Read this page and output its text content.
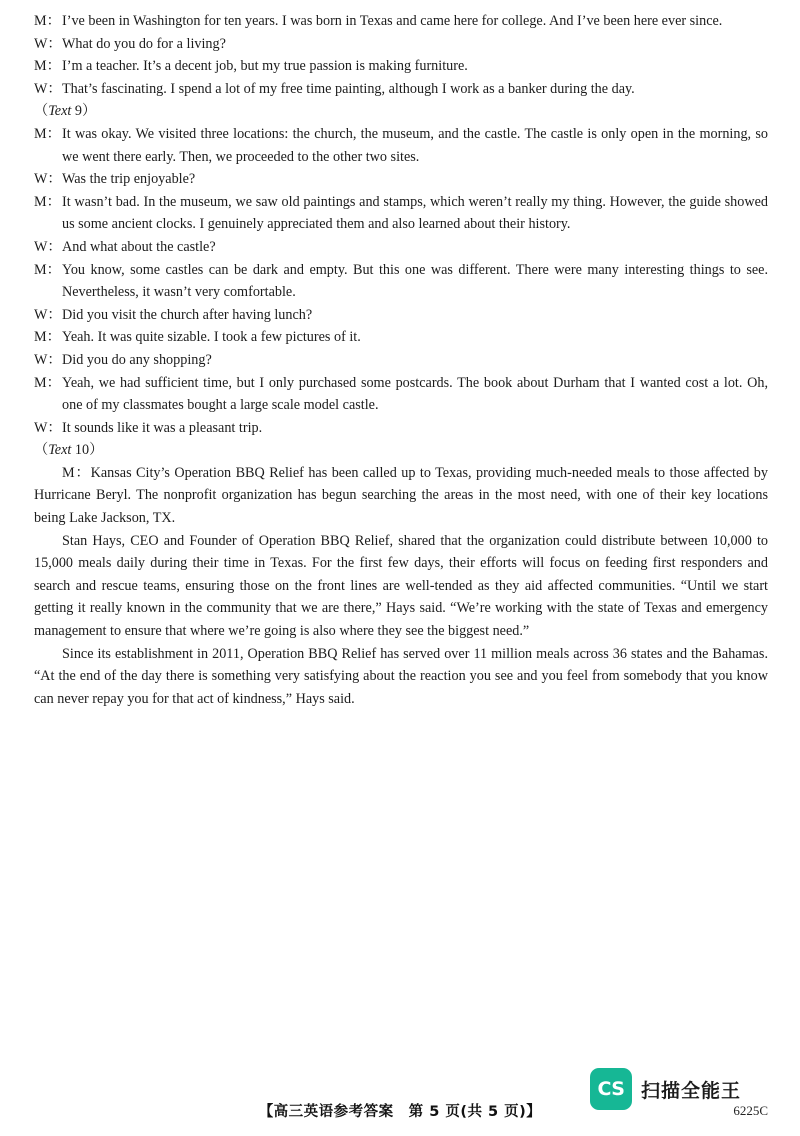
M： I’ve been in Washington for ten years. I was born in Texas and came here for college. And I’ve been here ever since.
W： What do you do for a living?
M： I’m a teacher. It’s a decent job, but my true passion is making furniture.
W： That’s fascinating. I spend a lot of my free time painting, although I work as a banker during the day.
（Text 9）
M： It was okay. We visited three locations: the church, the museum, and the castle. The castle is only open in the morning, so we went there early. Then, we proceeded to the other two sites.
W： Was the trip enjoyable?
M： It wasn’t bad. In the museum, we saw old paintings and stamps, which weren’t really my thing. However, the guide showed us some ancient clocks. I genuinely appreciated them and also learned about their history.
W： And what about the castle?
M： You know, some castles can be dark and empty. But this one was different. There were many interesting things to see. Nevertheless, it wasn’t very comfortable.
W： Did you visit the church after having lunch?
M： Yeah. It was quite sizable. I took a few pictures of it.
W： Did you do any shopping?
M： Yeah, we had sufficient time, but I only purchased some postcards. The book about Durham that I wanted cost a lot. Oh, one of my classmates bought a large scale model castle.
W： It sounds like it was a pleasant trip.
（Text 10）

M：Kansas City’s Operation BBQ Relief has been called up to Texas, providing much-needed meals to those affected by Hurricane Beryl. The nonprofit organization has begun searching the areas in the most need, with one of their key locations being Lake Jackson, TX.

Stan Hays, CEO and Founder of Operation BBQ Relief, shared that the organization could distribute between 10,000 to 15,000 meals daily during their time in Texas. For the first few days, their efforts will focus on feeding first responders and search and rescue teams, ensuring those on the front lines are well-tended as they aid affected communities. “Until we start getting it really known in the community that we are there,” Hays said. “We’re working with the state of Texas and emergency management to ensure that where we’re going is also where they see the biggest need.”

Since its establishment in 2011, Operation BBQ Relief has served over 11 million meals across 36 states and the Bahamas. “At the end of the day there is something very satisfying about the reaction you see and you feel from somebody that you know can never repay you for that act of kindness,” Hays said.

CS 扫描全能王
【高三英语参考答案　第 5 页(共 5 页)】	6225C
